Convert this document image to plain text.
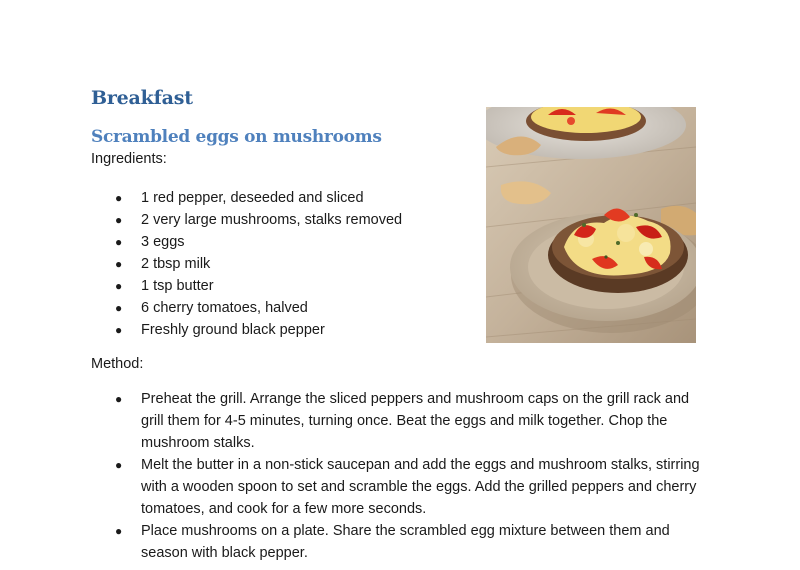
Breakfast
Scrambled eggs on mushrooms

Ingredients:

● 1 red pepper, deseeded and sliced
● 2 very large mushrooms, stalks removed
● 3 eggs
● 2 tbsp milk
● 1 tsp butter
● 6 cherry tomatoes, halved
● Freshly ground black pepper

Method:

● Preheat the grill. Arrange the sliced peppers and mushroom caps on the grill rack and grill them for 4-5 minutes, turning once. Beat the eggs and milk together. Chop the mushroom stalks.
● Melt the butter in a non-stick saucepan and add the eggs and mushroom stalks, stirring with a wooden spoon to set and scramble the eggs. Add the grilled peppers and cherry tomatoes, and cook for a few more seconds.
● Place mushrooms on a plate. Share the scrambled egg mixture between them and season with black pepper.
